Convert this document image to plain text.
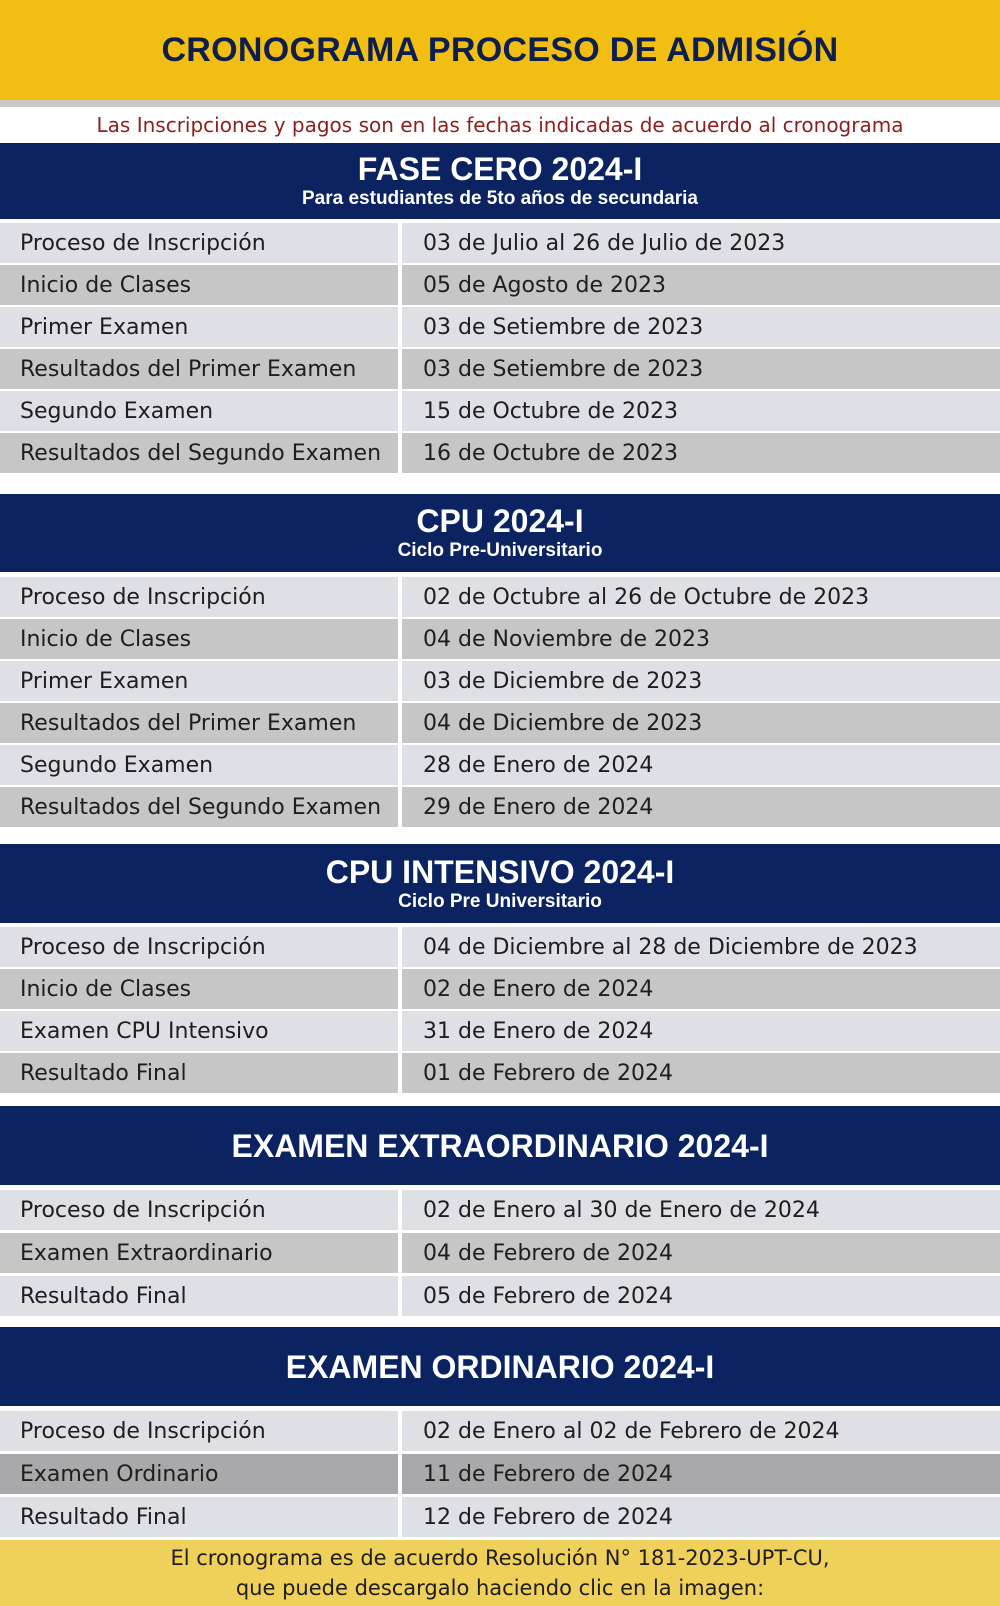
CRONOGRAMA PROCESO DE ADMISIÓN
Las Inscripciones y pagos son en las fechas indicadas de acuerdo al cronograma
FASE CERO 2024-I
Para estudiantes de 5to años de secundaria
Proceso de Inscripción	03 de Julio al 26 de Julio de 2023
Inicio de Clases	05 de Agosto de 2023
Primer Examen	03 de Setiembre de 2023
Resultados del Primer Examen	03 de Setiembre de 2023
Segundo Examen	15 de Octubre de 2023
Resultados del Segundo Examen	16 de Octubre de 2023
CPU 2024-I
Ciclo Pre-Universitario
Proceso de Inscripción	02 de Octubre al 26 de Octubre de 2023
Inicio de Clases	04 de Noviembre de 2023
Primer Examen	03 de Diciembre de 2023
Resultados del Primer Examen	04 de Diciembre de 2023
Segundo Examen	28 de Enero de 2024
Resultados del Segundo Examen	29 de Enero de 2024
CPU INTENSIVO 2024-I
Ciclo Pre Universitario
Proceso de Inscripción	04 de Diciembre al 28 de Diciembre de 2023
Inicio de Clases	02 de Enero de 2024
Examen CPU Intensivo	31 de Enero de 2024
Resultado Final	01 de Febrero de 2024
EXAMEN EXTRAORDINARIO 2024-I
Proceso de Inscripción	02 de Enero al 30 de Enero de 2024
Examen Extraordinario	04 de Febrero de 2024
Resultado Final	05 de Febrero de 2024
EXAMEN ORDINARIO 2024-I
Proceso de Inscripción	02 de Enero al 02 de Febrero de 2024
Examen Ordinario	11 de Febrero de 2024
Resultado Final	12 de Febrero de 2024
El cronograma es de acuerdo Resolución N° 181-2023-UPT-CU,
que puede descargalo haciendo clic en la imagen:
